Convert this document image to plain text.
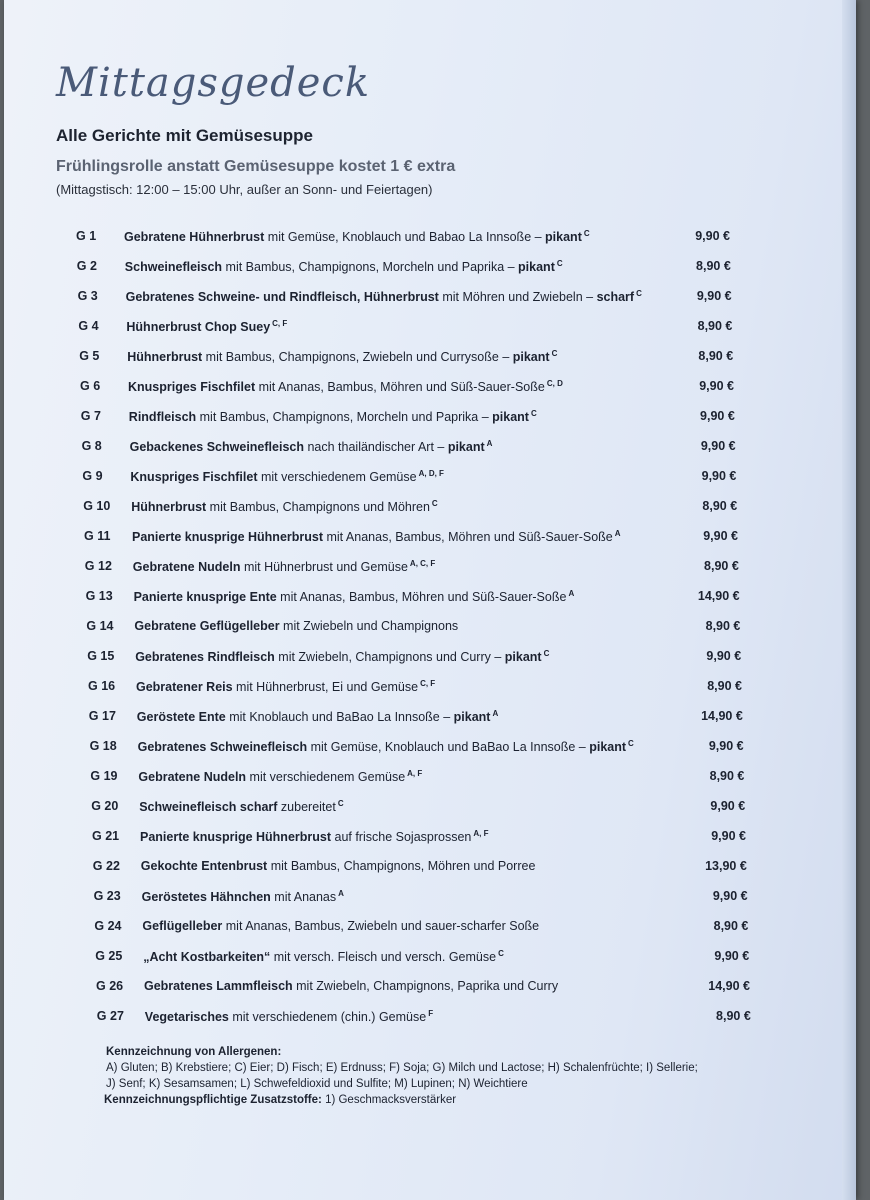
Mittagsgedeck
Alle Gerichte mit Gemüsesuppe
Frühlingsrolle anstatt Gemüsesuppe kostet 1 € extra
(Mittagstisch: 12:00 – 15:00 Uhr, außer an Sonn- und Feiertagen)
G 1	Gebratene Hühnerbrust mit Gemüse, Knoblauch und Babao La Innsoße – pikant $^C$	9,90 €
G 2	Schweinefleisch mit Bambus, Champignons, Morcheln und Paprika – pikant $^C$	8,90 €
G 3	Gebratenes Schweine- und Rindfleisch, Hühnerbrust mit Möhren und Zwiebeln – scharf $^C$	9,90 €
G 4	Hühnerbrust Chop Suey $^{C, F}$	8,90 €
G 5	Hühnerbrust mit Bambus, Champignons, Zwiebeln und Currysoße – pikant $^C$	8,90 €
G 6	Knuspriges Fischfilet mit Ananas, Bambus, Möhren und Süß-Sauer-Soße $^{C, D}$	9,90 €
G 7	Rindfleisch mit Bambus, Champignons, Morcheln und Paprika – pikant $^C$	9,90 €
G 8	Gebackenes Schweinefleisch nach thailändischer Art – pikant $^A$	9,90 €
G 9	Knuspriges Fischfilet mit verschiedenem Gemüse $^{A, D, F}$	9,90 €
G 10	Hühnerbrust mit Bambus, Champignons und Möhren $^C$	8,90 €
G 11	Panierte knusprige Hühnerbrust mit Ananas, Bambus, Möhren und Süß-Sauer-Soße $^A$	9,90 €
G 12	Gebratene Nudeln mit Hühnerbrust und Gemüse $^{A, C, F}$	8,90 €
G 13	Panierte knusprige Ente mit Ananas, Bambus, Möhren und Süß-Sauer-Soße $^A$	14,90 €
G 14	Gebratene Geflügelleber mit Zwiebeln und Champignons	8,90 €
G 15	Gebratenes Rindfleisch mit Zwiebeln, Champignons und Curry – pikant $^C$	9,90 €
G 16	Gebratener Reis mit Hühnerbrust, Ei und Gemüse $^{C, F}$	8,90 €
G 17	Geröstete Ente mit Knoblauch und BaBao La Innsoße – pikant $^A$	14,90 €
G 18	Gebratenes Schweinefleisch mit Gemüse, Knoblauch und BaBao La Innsoße – pikant $^C$	9,90 €
G 19	Gebratene Nudeln mit verschiedenem Gemüse $^{A, F}$	8,90 €
G 20	Schweinefleisch scharf zubereitet $^C$	9,90 €
G 21	Panierte knusprige Hühnerbrust auf frische Sojasprossen $^{A, F}$	9,90 €
G 22	Gekochte Entenbrust mit Bambus, Champignons, Möhren und Porree	13,90 €
G 23	Geröstetes Hähnchen mit Ananas $^A$	9,90 €
G 24	Geflügelleber mit Ananas, Bambus, Zwiebeln und sauer-scharfer Soße	8,90 €
G 25	„Acht Kostbarkeiten“ mit versch. Fleisch und versch. Gemüse $^C$	9,90 €
G 26	Gebratenes Lammfleisch mit Zwiebeln, Champignons, Paprika und Curry	14,90 €
G 27	Vegetarisches mit verschiedenem (chin.) Gemüse $^F$	8,90 €
Kennzeichnung von Allergenen:
A) Gluten; B) Krebstiere; C) Eier; D) Fisch; E) Erdnuss; F) Soja; G) Milch und Lactose; H) Schalenfrüchte; I) Sellerie;
J) Senf; K) Sesamsamen; L) Schwefeldioxid und Sulfite; M) Lupinen; N) Weichtiere
Kennzeichnungspflichtige Zusatzstoffe: 1) Geschmacksverstärker
